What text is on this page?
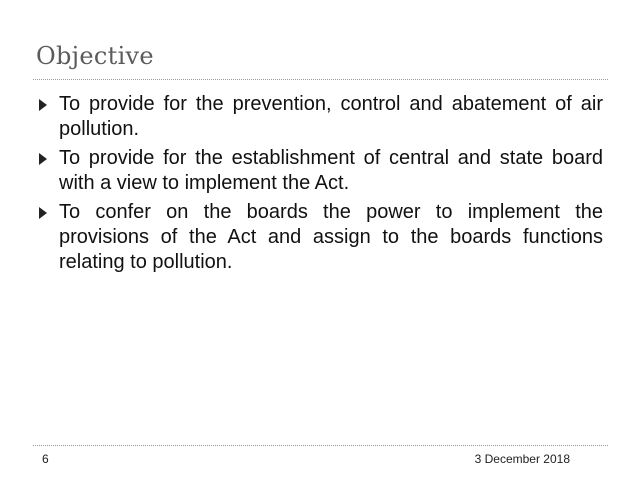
Objective
To provide for the prevention, control and abatement of air pollution.
To provide for the establishment of central and state board with a view to implement the Act.
To confer on the boards the power to implement the provisions of the Act and assign to the boards functions relating to pollution.
6	3 December 2018
